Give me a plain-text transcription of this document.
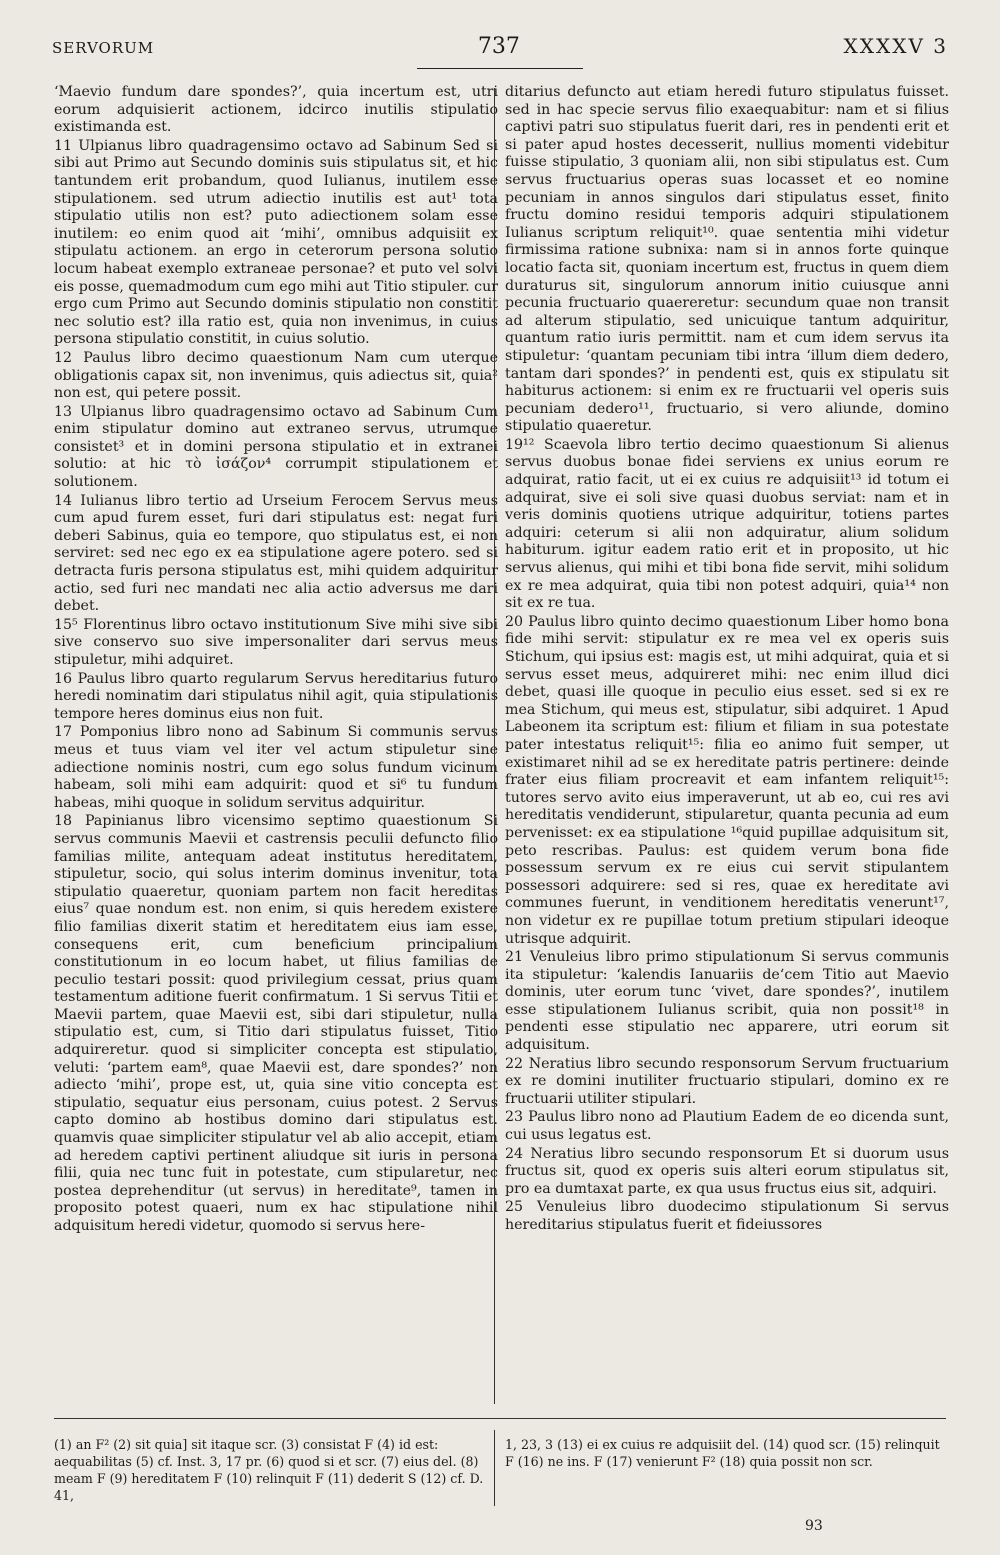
SERVORUM	737	XXXXV 3

‘Maevio fundum dare spondes?’, quia incertum est, utri eorum adquisierit actionem, idcirco inutilis stipulatio existimanda est.

11 Ulpianus libro quadragensimo octavo ad Sabinum Sed si sibi aut Primo aut Secundo dominis suis stipulatus sit, et hic tantundem erit probandum, quod Iulianus, inutilem esse stipulationem. sed utrum adiectio inutilis est aut¹ tota stipulatio utilis non est? puto adiectionem solam esse inutilem: eo enim quod ait ‘mihi’, omnibus adquisiit ex stipulatu actionem. an ergo in ceterorum persona solutio locum habeat exemplo extraneae personae? et puto vel solvi eis posse, quemadmodum cum ego mihi aut Titio stipuler. cur ergo cum Primo aut Secundo dominis stipulatio non constitit nec solutio est? illa ratio est, quia non invenimus, in cuius persona stipulatio constitit, in cuius solutio.

12 Paulus libro decimo quaestionum Nam cum uterque obligationis capax sit, non invenimus, quis adiectus sit, quia² non est, qui petere possit.

13 Ulpianus libro quadragensimo octavo ad Sabinum Cum enim stipulatur domino aut extraneo servus, utrumque consistet³ et in domini persona stipulatio et in extranei solutio: at hic τὸ ἰσάζον⁴ corrumpit stipulationem et solutionem.

14 Iulianus libro tertio ad Urseium Ferocem Servus meus cum apud furem esset, furi dari stipulatus est: negat furi deberi Sabinus, quia eo tempore, quo stipulatus est, ei non serviret: sed nec ego ex ea stipulatione agere potero. sed si detracta furis persona stipulatus est, mihi quidem adquiritur actio, sed furi nec mandati nec alia actio adversus me dari debet.

15⁵ Florentinus libro octavo institutionum Sive mihi sive sibi sive conservo suo sive impersonaliter dari servus meus stipuletur, mihi adquiret.

16 Paulus libro quarto regularum Servus hereditarius futuro heredi nominatim dari stipulatus nihil agit, quia stipulationis tempore heres dominus eius non fuit.

17 Pomponius libro nono ad Sabinum Si communis servus meus et tuus viam vel iter vel actum stipuletur sine adiectione nominis nostri, cum ego solus fundum vicinum habeam, soli mihi eam adquirit: quod et si⁶ tu fundum habeas, mihi quoque in solidum servitus adquiritur.

18 Papinianus libro vicensimo septimo quaestionum Si servus communis Maevii et castrensis peculii defuncto filio familias milite, antequam adeat institutus hereditatem, stipuletur, socio, qui solus interim dominus invenitur, tota stipulatio quaeretur, quoniam partem non facit hereditas eius⁷ quae nondum est. non enim, si quis heredem existere filio familias dixerit statim et hereditatem eius iam esse, consequens erit, cum beneficium principalium constitutionum in eo locum habet, ut filius familias de peculio testari possit: quod privilegium cessat, prius quam testamentum aditione fuerit confirmatum. 1 Si servus Titii et Maevii partem, quae Maevii est, sibi dari stipuletur, nulla stipulatio est, cum, si Titio dari stipulatus fuisset, Titio adquireretur. quod si simpliciter concepta est stipulatio, veluti: ‘partem eam⁸, quae Maevii est, dare spondes?’ non adiecto ‘mihi’, prope est, ut, quia sine vitio concepta est stipulatio, sequatur eius personam, cuius potest. 2 Servus capto domino ab hostibus domino dari stipulatus est. quamvis quae simpliciter stipulatur vel ab alio accepit, etiam ad heredem captivi pertinent aliudque sit iuris in persona filii, quia nec tunc fuit in potestate, cum stipularetur, nec postea deprehenditur (ut servus) in hereditate⁹, tamen in proposito potest quaeri, num ex hac stipulatione nihil adquisitum heredi videtur, quomodo si servus here-

ditarius defuncto aut etiam heredi futuro stipulatus fuisset. sed in hac specie servus filio exaequabitur: nam et si filius captivi patri suo stipulatus fuerit dari, res in pendenti erit et si pater apud hostes decesserit, nullius momenti videbitur fuisse stipulatio, 3 quoniam alii, non sibi stipulatus est. Cum servus fructuarius operas suas locasset et eo nomine pecuniam in annos singulos dari stipulatus esset, finito fructu domino residui temporis adquiri stipulationem Iulianus scriptum reliquit¹⁰. quae sententia mihi videtur firmissima ratione subnixa: nam si in annos forte quinque locatio facta sit, quoniam incertum est, fructus in quem diem duraturus sit, singulorum annorum initio cuiusque anni pecunia fructuario quaereretur: secundum quae non transit ad alterum stipulatio, sed unicuique tantum adquiritur, quantum ratio iuris permittit. nam et cum idem servus ita stipuletur: ‘quantam pecuniam tibi intra ‘illum diem dedero, tantam dari spondes?’ in pendenti est, quis ex stipulatu sit habiturus actionem: si enim ex re fructuarii vel operis suis pecuniam dedero¹¹, fructuario, si vero aliunde, domino stipulatio quaeretur.

19¹² Scaevola libro tertio decimo quaestionum Si alienus servus duobus bonae fidei serviens ex unius eorum re adquirat, ratio facit, ut ei ex cuius re adquisiit¹³ id totum ei adquirat, sive ei soli sive quasi duobus serviat: nam et in veris dominis quotiens utrique adquiritur, totiens partes adquiri: ceterum si alii non adquiratur, alium solidum habiturum. igitur eadem ratio erit et in proposito, ut hic servus alienus, qui mihi et tibi bona fide servit, mihi solidum ex re mea adquirat, quia tibi non potest adquiri, quia¹⁴ non sit ex re tua.

20 Paulus libro quinto decimo quaestionum Liber homo bona fide mihi servit: stipulatur ex re mea vel ex operis suis Stichum, qui ipsius est: magis est, ut mihi adquirat, quia et si servus esset meus, adquireret mihi: nec enim illud dici debet, quasi ille quoque in peculio eius esset. sed si ex re mea Stichum, qui meus est, stipulatur, sibi adquiret. 1 Apud Labeonem ita scriptum est: filium et filiam in sua potestate pater intestatus reliquit¹⁵: filia eo animo fuit semper, ut existimaret nihil ad se ex hereditate patris pertinere: deinde frater eius filiam procreavit et eam infantem reliquit¹⁵: tutores servo avito eius imperaverunt, ut ab eo, cui res avi hereditatis vendiderunt, stipularetur, quanta pecunia ad eum pervenisset: ex ea stipulatione ¹⁶quid pupillae adquisitum sit, peto rescribas. Paulus: est quidem verum bona fide possessum servum ex re eius cui servit stipulantem possessori adquirere: sed si res, quae ex hereditate avi communes fuerunt, in venditionem hereditatis venerunt¹⁷, non videtur ex re pupillae totum pretium stipulari ideoque utrisque adquirit.

21 Venuleius libro primo stipulationum Si servus communis ita stipuletur: ‘kalendis Ianuariis de‘cem Titio aut Maevio dominis, uter eorum tunc ‘vivet, dare spondes?’, inutilem esse stipulationem Iulianus scribit, quia non possit¹⁸ in pendenti esse stipulatio nec apparere, utri eorum sit adquisitum.

22 Neratius libro secundo responsorum Servum fructuarium ex re domini inutiliter fructuario stipulari, domino ex re fructuarii utiliter stipulari.

23 Paulus libro nono ad Plautium Eadem de eo dicenda sunt, cui usus legatus est.

24 Neratius libro secundo responsorum Et si duorum usus fructus sit, quod ex operis suis alteri eorum stipulatus sit, pro ea dumtaxat parte, ex qua usus fructus eius sit, adquiri.

25 Venuleius libro duodecimo stipulationum Si servus hereditarius stipulatus fuerit et fideiussores

(1) an F² (2) sit quia] sit itaque scr. (3) consistat F (4) id est: aequabilitas (5) cf. Inst. 3, 17 pr. (6) quod si et scr. (7) eius del. (8) meam F (9) hereditatem F (10) relinquit F (11) dederit S (12) cf. D. 41,
1, 23, 3 (13) ei ex cuius re adquisiit del. (14) quod scr. (15) relinquit F (16) ne ins. F (17) venierunt F² (18) quia possit non scr.
93
